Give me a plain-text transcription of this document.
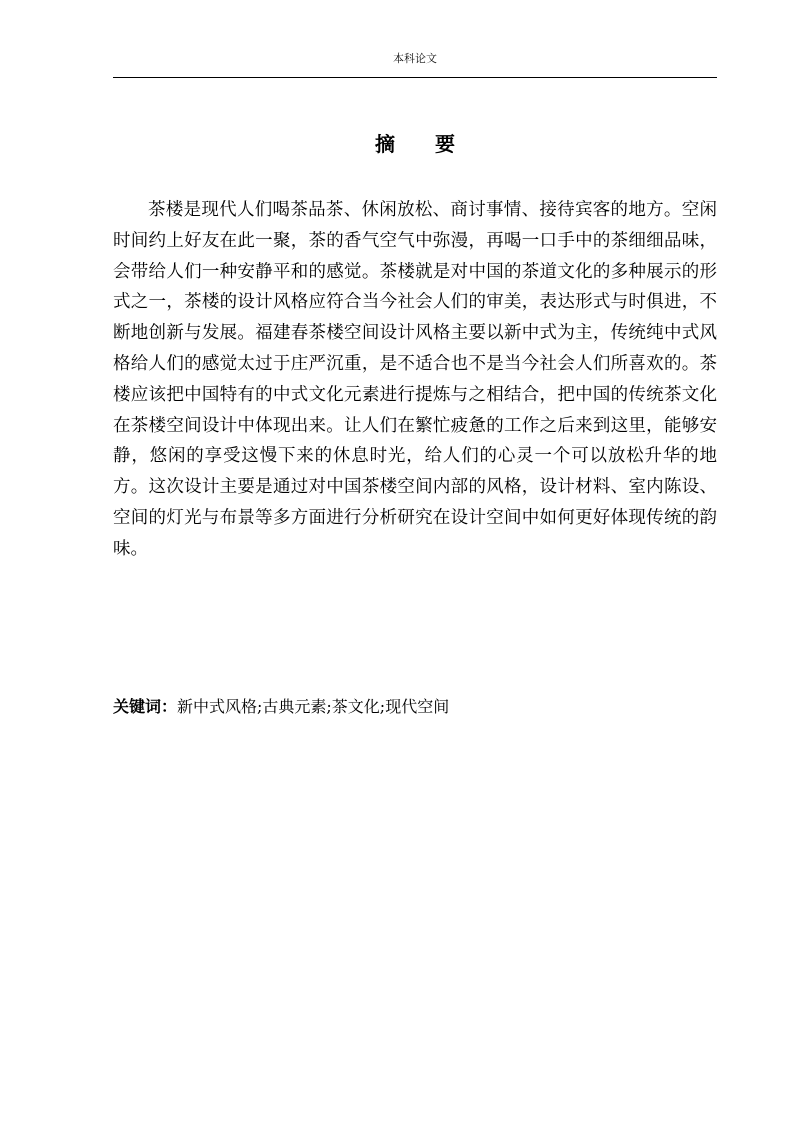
本科论文
摘要

茶楼是现代人们喝茶品茶、休闲放松、商讨事情、接待宾客的地方。空闲时间约上好友在此一聚，茶的香气空气中弥漫，再喝一口手中的茶细细品味，会带给人们一种安静平和的感觉。茶楼就是对中国的茶道文化的多种展示的形式之一，茶楼的设计风格应符合当今社会人们的审美，表达形式与时俱进，不断地创新与发展。福建春茶楼空间设计风格主要以新中式为主，传统纯中式风格给人们的感觉太过于庄严沉重，是不适合也不是当今社会人们所喜欢的。茶楼应该把中国特有的中式文化元素进行提炼与之相结合，把中国的传统茶文化在茶楼空间设计中体现出来。让人们在繁忙疲惫的工作之后来到这里，能够安静，悠闲的享受这慢下来的休息时光，给人们的心灵一个可以放松升华的地方。这次设计主要是通过对中国茶楼空间内部的风格，设计材料、室内陈设、空间的灯光与布景等多方面进行分析研究在设计空间中如何更好体现传统的韵味。

关键词：新中式风格;古典元素;茶文化;现代空间
